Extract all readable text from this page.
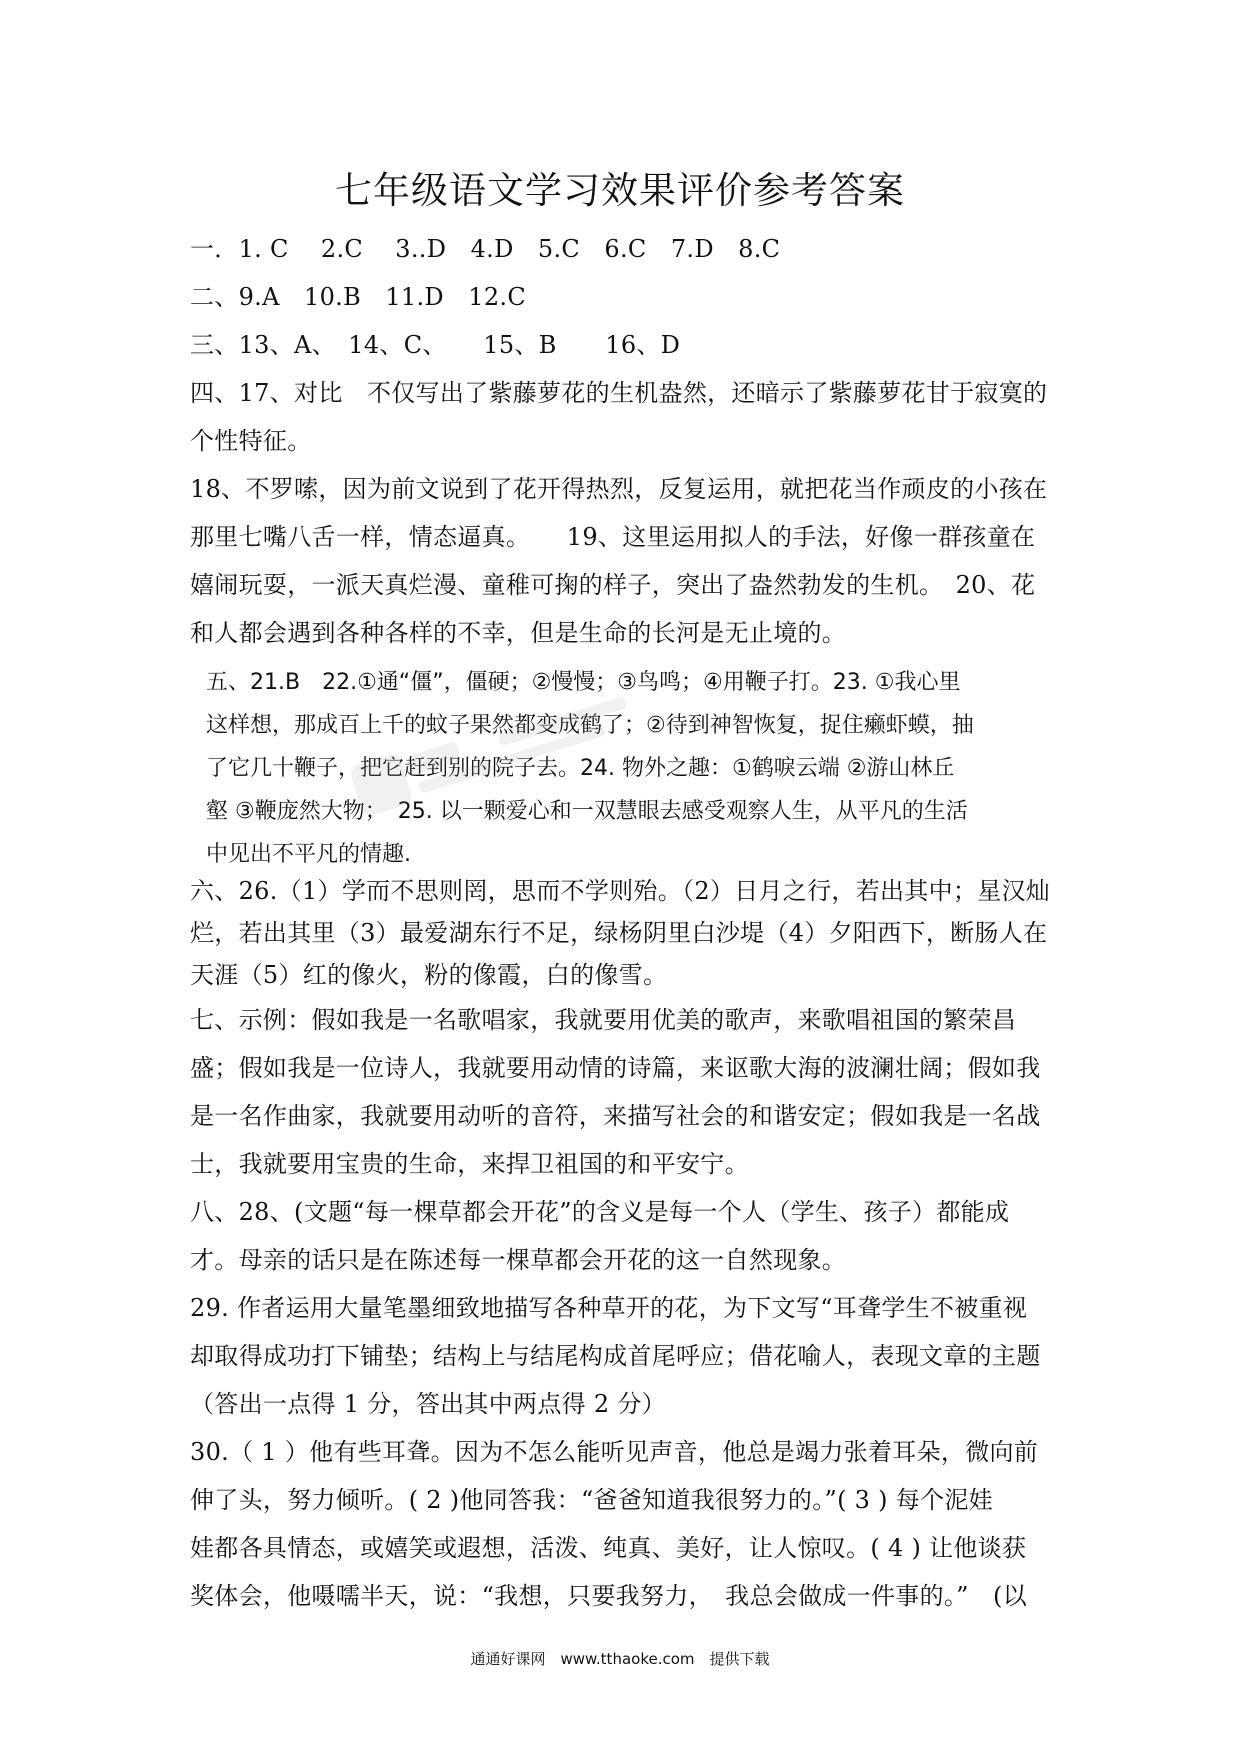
七年级语文学习效果评价参考答案
一．1. C　 2.C　 3..D　4.D　5.C　6.C　7.D　8.C
二、9.A　10.B　11.D　12.C
三、13、A、　14、C、　　15、B　　16、D
四、17、对比　不仅写出了紫藤萝花的生机盎然，还暗示了紫藤萝花甘于寂寞的
个性特征。
18、不罗嗦，因为前文说到了花开得热烈，反复运用，就把花当作顽皮的小孩在
那里七嘴八舌一样，情态逼真。　　19、这里运用拟人的手法，好像一群孩童在
嬉闹玩耍，一派天真烂漫、童稚可掬的样子，突出了盎然勃发的生机。　20、花
和人都会遇到各种各样的不幸，但是生命的长河是无止境的。
五、21.B　22.①通“僵”，僵硬；②慢慢；③鸟鸣；④用鞭子打。23. ①我心里
这样想，那成百上千的蚊子果然都变成鹤了；②待到神智恢复，捉住癞虾蟆，抽
了它几十鞭子，把它赶到别的院子去。24. 物外之趣：①鹤唳云端 ②游山林丘
壑 ③鞭庞然大物；　25. 以一颗爱心和一双慧眼去感受观察人生，从平凡的生活
中见出不平凡的情趣.
六、26.（1）学而不思则罔，思而不学则殆。（2）日月之行，若出其中；星汉灿
烂，若出其里（3）最爱湖东行不足，绿杨阴里白沙堤（4）夕阳西下，断肠人在
天涯（5）红的像火，粉的像霞，白的像雪。
七、示例：假如我是一名歌唱家，我就要用优美的歌声，来歌唱祖国的繁荣昌
盛；假如我是一位诗人，我就要用动情的诗篇，来讴歌大海的波澜壮阔；假如我
是一名作曲家，我就要用动听的音符，来描写社会的和谐安定；假如我是一名战
士，我就要用宝贵的生命，来捍卫祖国的和平安宁。
八、28、(文题“每一棵草都会开花”的含义是每一个人（学生、孩子）都能成
才。母亲的话只是在陈述每一棵草都会开花的这一自然现象。
29. 作者运用大量笔墨细致地描写各种草开的花，为下文写“耳聋学生不被重视
却取得成功打下铺垫；结构上与结尾构成首尾呼应；借花喻人，表现文章的主题
（答出一点得 1 分，答出其中两点得 2 分）
30.（ 1 ）他有些耳聋。因为不怎么能听见声音，他总是竭力张着耳朵，微向前
伸了头，努力倾听。( 2 )他同答我：“爸爸知道我很努力的。”( 3 ) 每个泥娃
娃都各具情态，或嬉笑或遐想，活泼、纯真、美好，让人惊叹。( 4 ) 让他谈获
奖体会，他嗫嚅半天，说：“我想，只要我努力，　我总会做成一件事的。”　(以
通通好课网　www.tthaoke.com　提供下载
